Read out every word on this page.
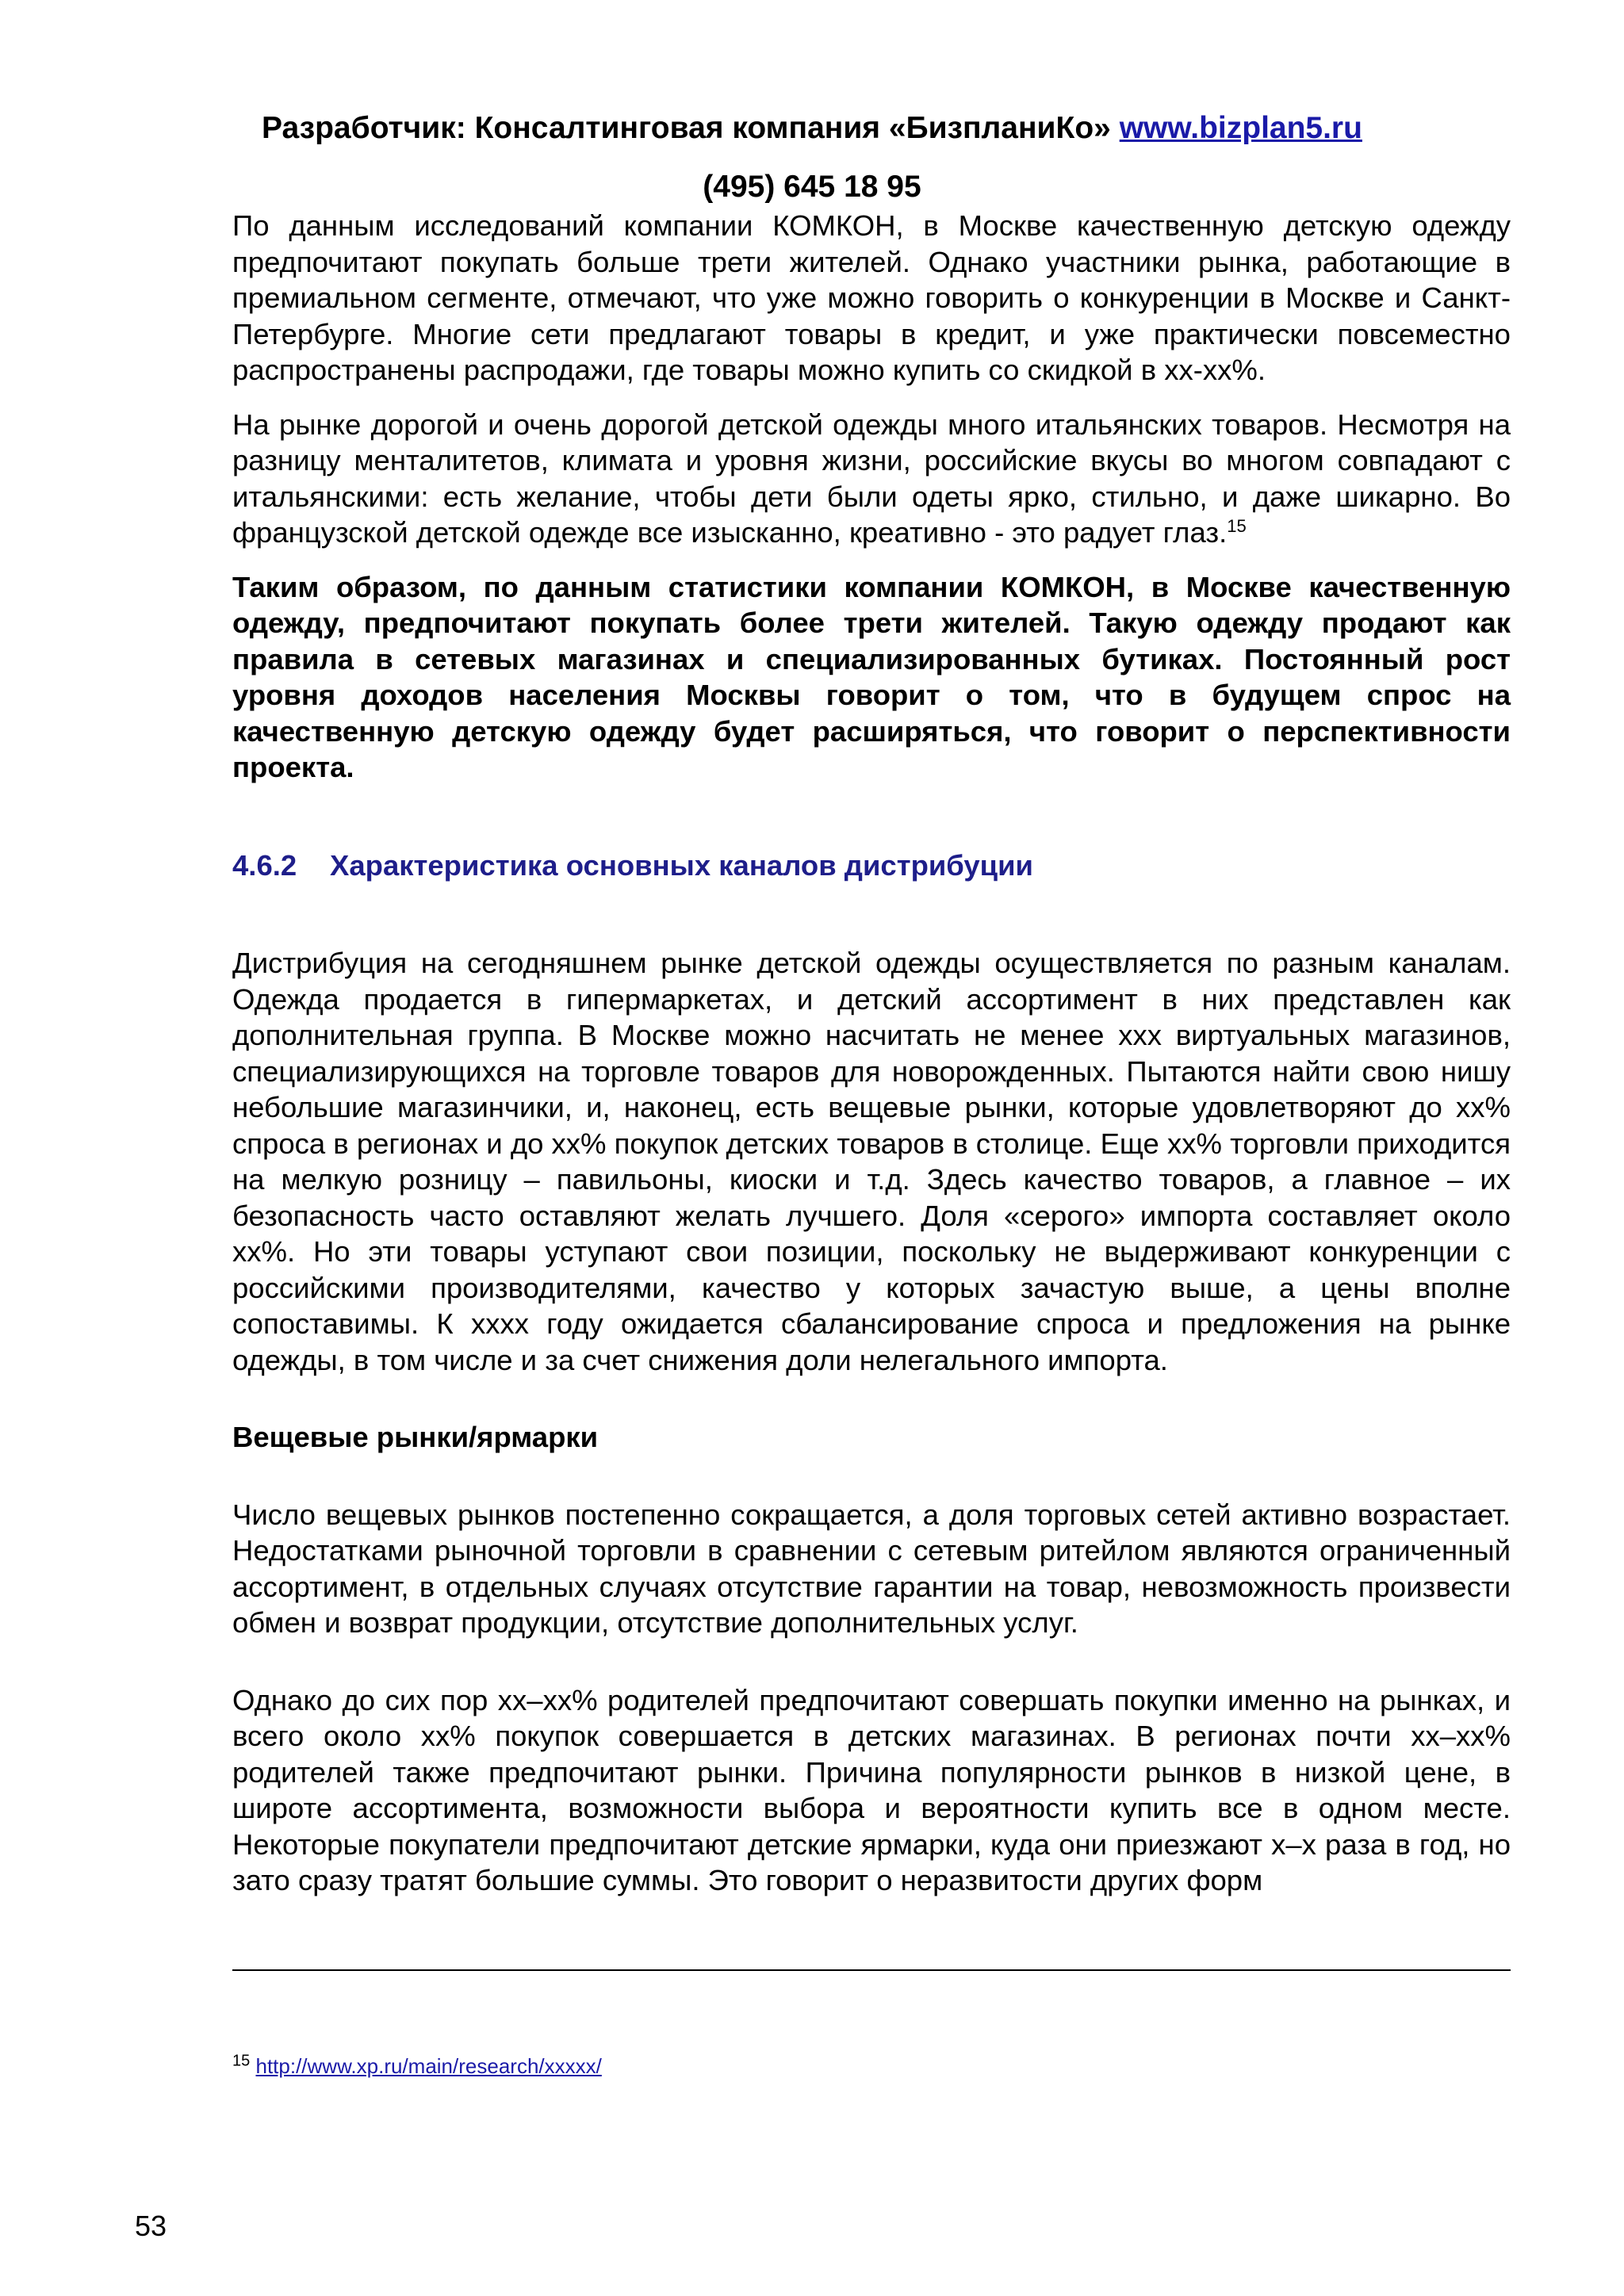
Разработчик: Консалтинговая компания «БизпланиКо» www.bizplan5.ru
(495) 645 18 95

По данным исследований компании КОМКОН, в Москве качественную детскую одежду предпочитают покупать больше трети жителей. Однако участники рынка, работающие в премиальном сегменте, отмечают, что уже можно говорить о конкуренции в Москве и Санкт-Петербурге. Многие сети предлагают товары в кредит, и уже практически повсеместно распространены распродажи, где товары можно купить со скидкой в хх-хх%.

На рынке дорогой и очень дорогой детской одежды много итальянских товаров. Несмотря на разницу менталитетов, климата и уровня жизни, российские вкусы во многом совпадают с итальянскими: есть желание, чтобы дети были одеты ярко, стильно, и даже шикарно. Во французской детской одежде все изысканно, креативно - это радует глаз.$^{15}$

Таким образом, по данным статистики компании КОМКОН, в Москве качественную одежду, предпочитают покупать более трети жителей. Такую одежду продают как правила в сетевых магазинах и специализированных бутиках. Постоянный рост уровня доходов населения Москвы говорит о том, что в будущем спрос на качественную детскую одежду будет расширяться, что говорит о перспективности проекта.

4.6.2 Характеристика основных каналов дистрибуции

Дистрибуция на сегодняшнем рынке детской одежды осуществляется по разным каналам. Одежда продается в гипермаркетах, и детский ассортимент в них представлен как дополнительная группа. В Москве можно насчитать не менее ххх виртуальных магазинов, специализирующихся на торговле товаров для новорожденных. Пытаются найти свою нишу небольшие магазинчики, и, наконец, есть вещевые рынки, которые удовлетворяют до хх% спроса в регионах и до хх% покупок детских товаров в столице. Еще хх% торговли приходится на мелкую розницу – павильоны, киоски и т.д. Здесь качество товаров, а главное – их безопасность часто оставляют желать лучшего. Доля «серого» импорта составляет около хх%. Но эти товары уступают свои позиции, поскольку не выдерживают конкуренции с российскими производителями, качество у которых зачастую выше, а цены вполне сопоставимы. К хххх году ожидается сбалансирование спроса и предложения на рынке одежды, в том числе и за счет снижения доли нелегального импорта.

Вещевые рынки/ярмарки

Число вещевых рынков постепенно сокращается, а доля торговых сетей активно возрастает. Недостатками рыночной торговли в сравнении с сетевым ритейлом являются ограниченный ассортимент, в отдельных случаях отсутствие гарантии на товар, невозможность произвести обмен и возврат продукции, отсутствие дополнительных услуг.

Однако до сих пор хх–хх% родителей предпочитают совершать покупки именно на рынках, и всего около хх% покупок совершается в детских магазинах. В регионах почти хх–хх% родителей также предпочитают рынки. Причина популярности рынков в низкой цене, в широте ассортимента, возможности выбора и вероятности купить все в одном месте. Некоторые покупатели предпочитают детские ярмарки, куда они приезжают х–х раза в год, но зато сразу тратят большие суммы. Это говорит о неразвитости других форм

$^{15}$ http://www.xp.ru/main/research/xxxxx/
53
